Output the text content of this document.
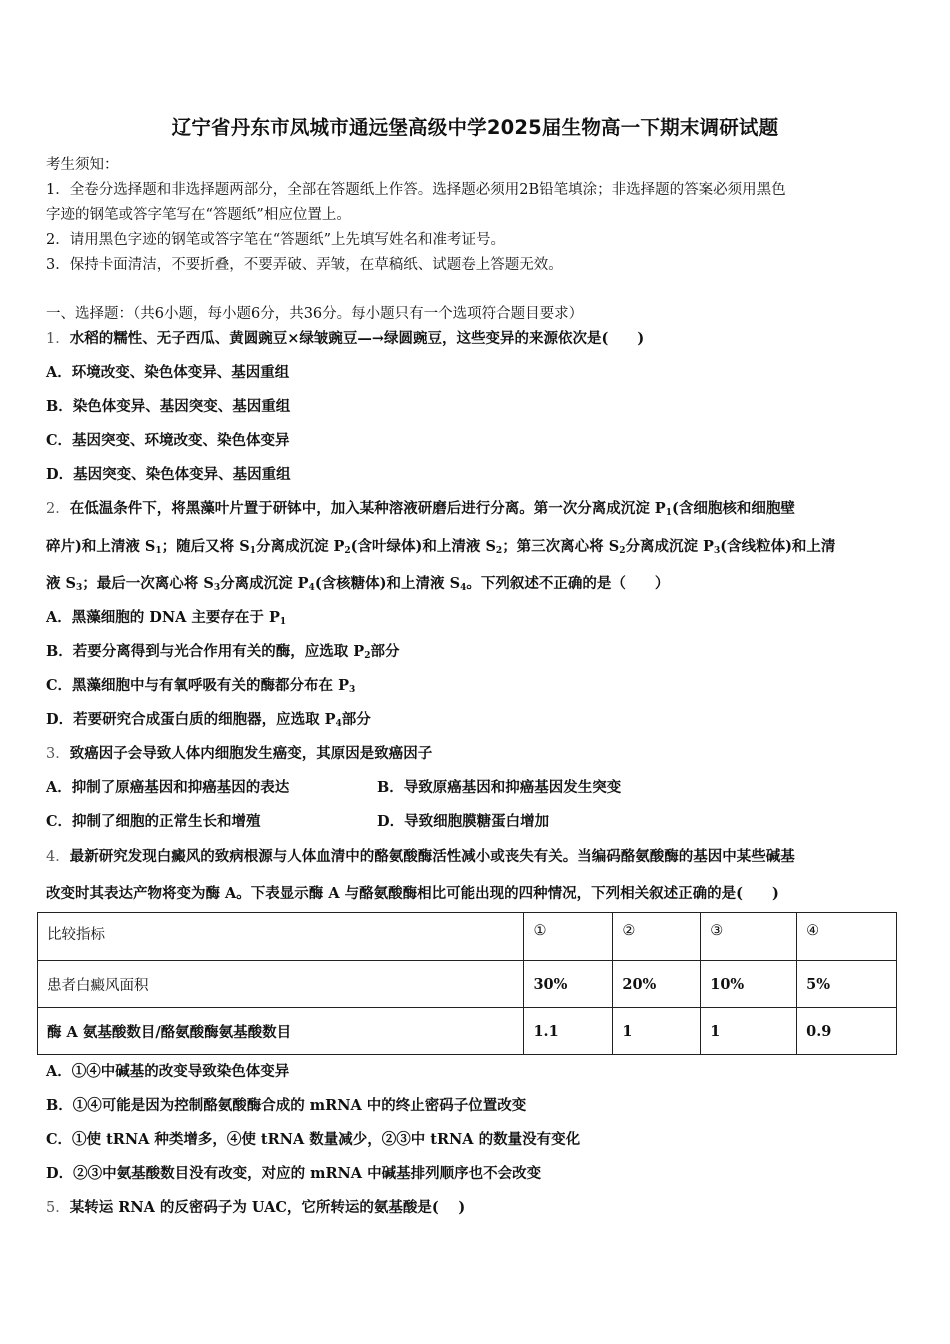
辽宁省丹东市凤城市通远堡高级中学2025届生物高一下期末调研试题
考生须知：
1．全卷分选择题和非选择题两部分，全部在答题纸上作答。选择题必须用2B铅笔填涂；非选择题的答案必须用黑色
字迹的钢笔或答字笔写在“答题纸”相应位置上。
2．请用黑色字迹的钢笔或答字笔在“答题纸”上先填写姓名和准考证号。
3．保持卡面清洁，不要折叠，不要弄破、弄皱，在草稿纸、试题卷上答题无效。
一、选择题：（共6小题，每小题6分，共36分。每小题只有一个选项符合题目要求）
1．水稻的糯性、无子西瓜、黄圆豌豆×绿皱豌豆—→绿圆豌豆，这些变异的来源依次是(　　)
A．环境改变、染色体变异、基因重组
B．染色体变异、基因突变、基因重组
C．基因突变、环境改变、染色体变异
D．基因突变、染色体变异、基因重组
2．在低温条件下，将黑藻叶片置于研钵中，加入某种溶液研磨后进行分离。第一次分离成沉淀 $P_1$(含细胞核和细胞壁
碎片)和上清液 $S_1$；随后又将 $S_1$分离成沉淀 $P_2$(含叶绿体)和上清液 $S_2$；第三次离心将 $S_2$分离成沉淀 $P_3$(含线粒体)和上清
液 $S_3$；最后一次离心将 $S_3$分离成沉淀 $P_4$(含核糖体)和上清液 $S_4$。下列叙述不正确的是（　　）
A．黑藻细胞的 DNA 主要存在于 $P_1$
B．若要分离得到与光合作用有关的酶，应选取 $P_2$部分
C．黑藻细胞中与有氧呼吸有关的酶都分布在 $P_3$
D．若要研究合成蛋白质的细胞器，应选取 $P_4$部分
3．致癌因子会导致人体内细胞发生癌变，其原因是致癌因子
A．抑制了原癌基因和抑癌基因的表达	B．导致原癌基因和抑癌基因发生突变
C．抑制了细胞的正常生长和增殖	D．导致细胞膜糖蛋白增加
4．最新研究发现白癜风的致病根源与人体血清中的酪氨酸酶活性减小或丧失有关。当编码酪氨酸酶的基因中某些碱基
改变时其表达产物将变为酶 A。下表显示酶 A 与酪氨酸酶相比可能出现的四种情况，下列相关叙述正确的是(　　)
比较指标	①	②	③	④
患者白癜风面积	30%	20%	10%	5%
酶 A 氨基酸数目/酪氨酸酶氨基酸数目	1.1	1	1	0.9
A．①④中碱基的改变导致染色体变异
B．①④可能是因为控制酪氨酸酶合成的 mRNA 中的终止密码子位置改变
C．①使 tRNA 种类增多，④使 tRNA 数量减少，②③中 tRNA 的数量没有变化
D．②③中氨基酸数目没有改变，对应的 mRNA 中碱基排列顺序也不会改变
5．某转运 RNA 的反密码子为 UAC，它所转运的氨基酸是(　 )
